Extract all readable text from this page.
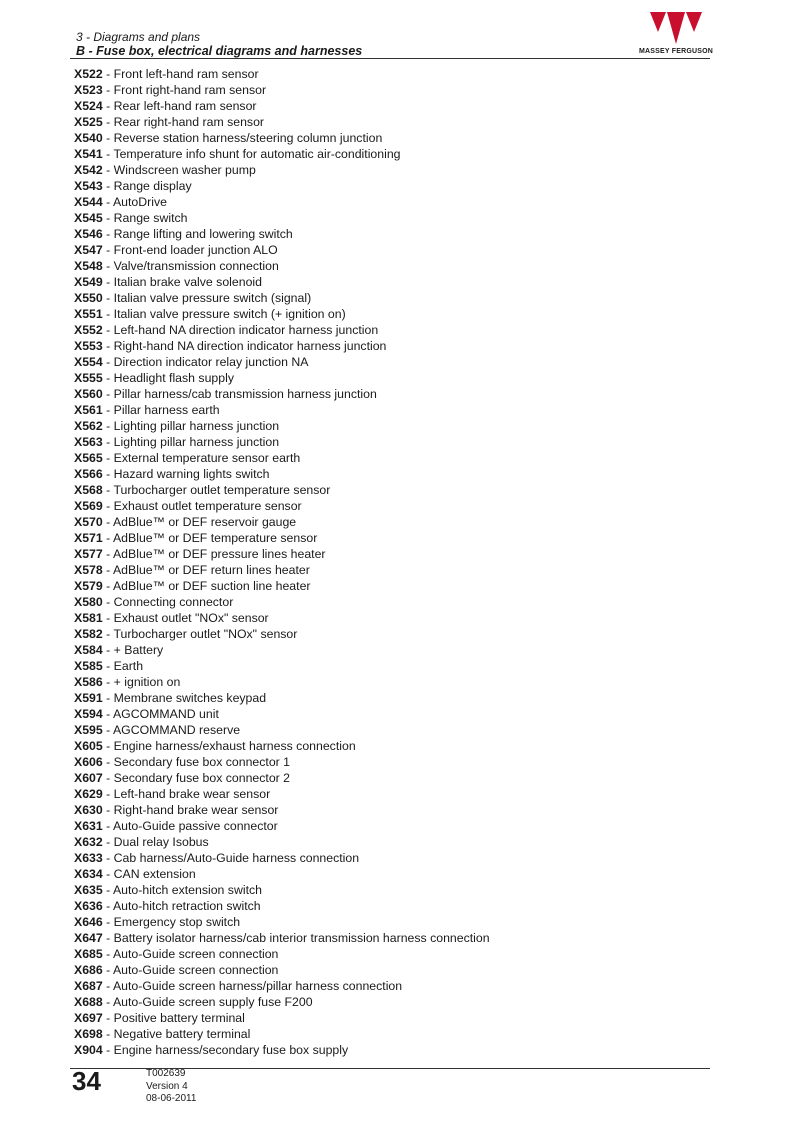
3 - Diagrams and plans
B - Fuse box, electrical diagrams and harnesses	MASSEY FERGUSON
X522 - Front left-hand ram sensor
X523 - Front right-hand ram sensor
X524 - Rear left-hand ram sensor
X525 - Rear right-hand ram sensor
X540 - Reverse station harness/steering column junction
X541 - Temperature info shunt for automatic air-conditioning
X542 - Windscreen washer pump
X543 - Range display
X544 - AutoDrive
X545 - Range switch
X546 - Range lifting and lowering switch
X547 - Front-end loader junction ALO
X548 - Valve/transmission connection
X549 - Italian brake valve solenoid
X550 - Italian valve pressure switch (signal)
X551 - Italian valve pressure switch (+ ignition on)
X552 - Left-hand NA direction indicator harness junction
X553 - Right-hand NA direction indicator harness junction
X554 - Direction indicator relay junction NA
X555 - Headlight flash supply
X560 - Pillar harness/cab transmission harness junction
X561 - Pillar harness earth
X562 - Lighting pillar harness junction
X563 - Lighting pillar harness junction
X565 - External temperature sensor earth
X566 - Hazard warning lights switch
X568 - Turbocharger outlet temperature sensor
X569 - Exhaust outlet temperature sensor
X570 - AdBlue™ or DEF reservoir gauge
X571 - AdBlue™ or DEF temperature sensor
X577 - AdBlue™ or DEF pressure lines heater
X578 - AdBlue™ or DEF return lines heater
X579 - AdBlue™ or DEF suction line heater
X580 - Connecting connector
X581 - Exhaust outlet "NOx" sensor
X582 - Turbocharger outlet "NOx" sensor
X584 - + Battery
X585 - Earth
X586 - + ignition on
X591 - Membrane switches keypad
X594 - AGCOMMAND unit
X595 - AGCOMMAND reserve
X605 - Engine harness/exhaust harness connection
X606 - Secondary fuse box connector 1
X607 - Secondary fuse box connector 2
X629 - Left-hand brake wear sensor
X630 - Right-hand brake wear sensor
X631 - Auto-Guide passive connector
X632 - Dual relay Isobus
X633 - Cab harness/Auto-Guide harness connection
X634 - CAN extension
X635 - Auto-hitch extension switch
X636 - Auto-hitch retraction switch
X646 - Emergency stop switch
X647 - Battery isolator harness/cab interior transmission harness connection
X685 - Auto-Guide screen connection
X686 - Auto-Guide screen connection
X687 - Auto-Guide screen harness/pillar harness connection
X688 - Auto-Guide screen supply fuse F200
X697 - Positive battery terminal
X698 - Negative battery terminal
X904 - Engine harness/secondary fuse box supply
34	T002639
Version 4
08-06-2011
